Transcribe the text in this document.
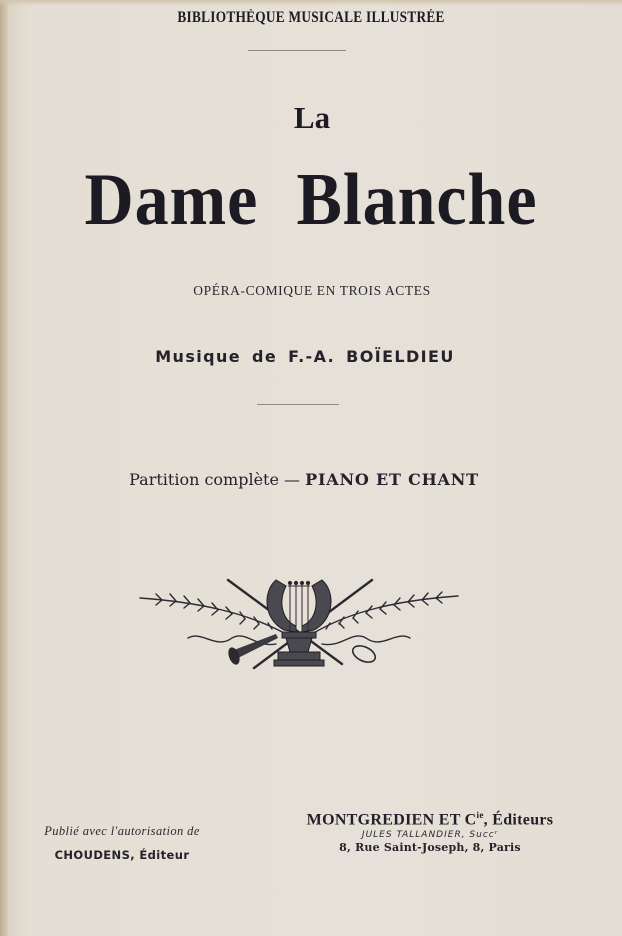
BIBLIOTHÈQUE MUSICALE ILLUSTRÉE
La
Dame Blanche
OPÉRA-COMIQUE EN TROIS ACTES
Musique de F.-A. BOÏELDIEU
Partition complète — PIANO ET CHANT
Publié avec l'autorisation de
CHOUDENS, Éditeur
MONTGREDIEN ET $C^{ie}$, Éditeurs
JULES TALLANDIER, Succʳ
8, Rue Saint-Joseph, 8, Paris
